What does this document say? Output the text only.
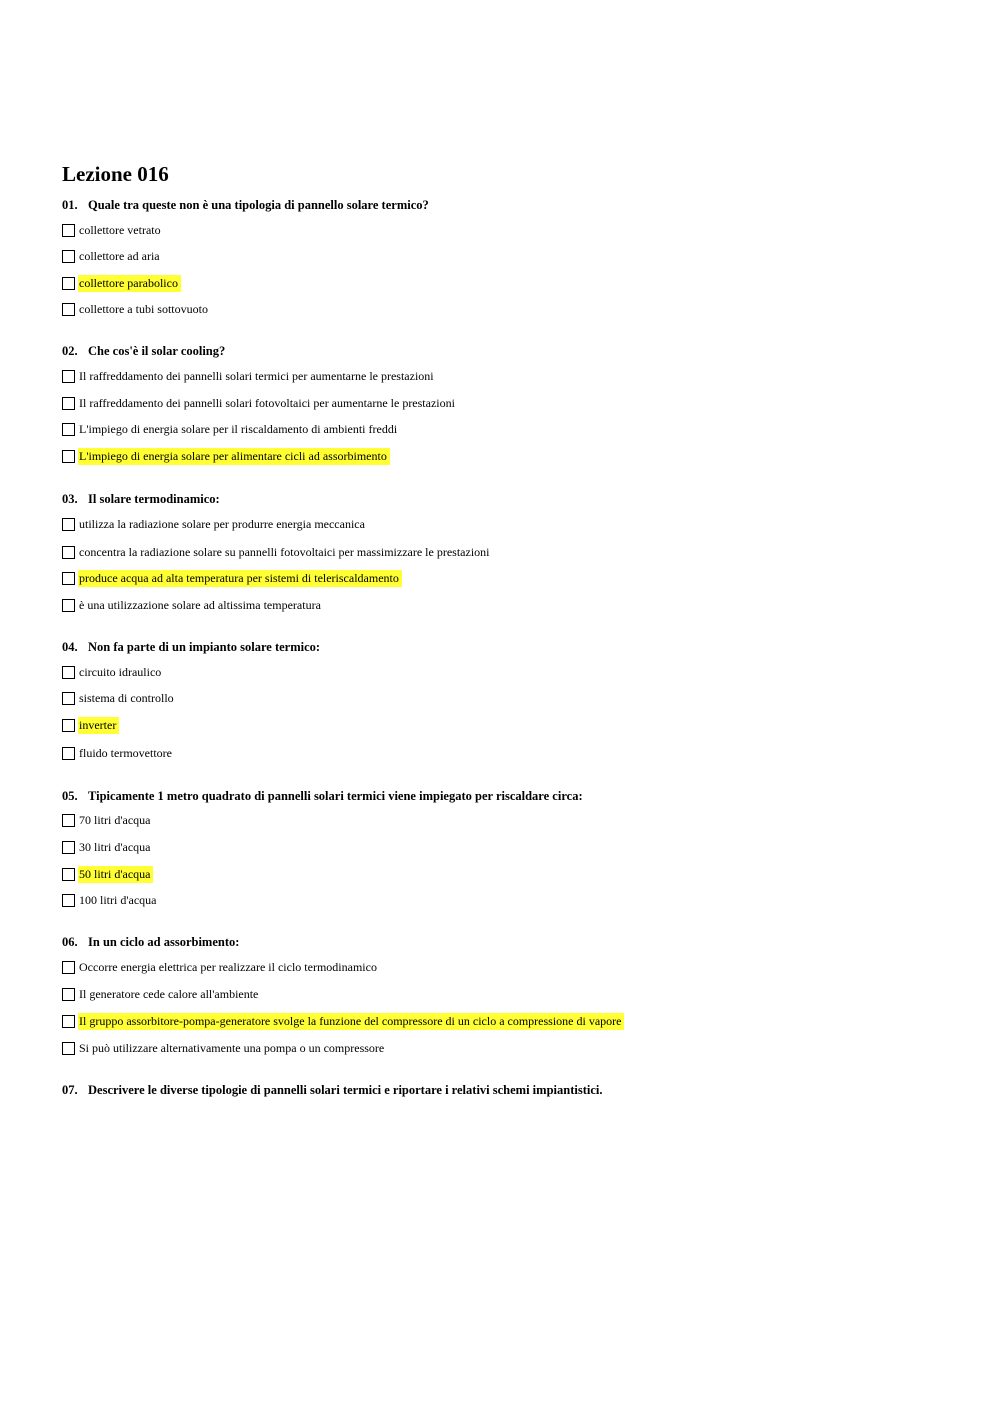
Lezione 016
01. Quale tra queste non è una tipologia di pannello solare termico?
collettore vetrato
collettore ad aria
collettore parabolico
collettore a tubi sottovuoto
02. Che cos'è il solar cooling?
Il raffreddamento dei pannelli solari termici per aumentarne le prestazioni
Il raffreddamento dei pannelli solari fotovoltaici per aumentarne le prestazioni
L'impiego di energia solare per il riscaldamento di ambienti freddi
L'impiego di energia solare per alimentare cicli ad assorbimento
03. Il solare termodinamico:
utilizza la radiazione solare per produrre energia meccanica
concentra la radiazione solare su pannelli fotovoltaici per massimizzare le prestazioni
produce acqua ad alta temperatura per sistemi di teleriscaldamento
è una utilizzazione solare ad altissima temperatura
04. Non fa parte di un impianto solare termico:
circuito idraulico
sistema di controllo
inverter
fluido termovettore
05. Tipicamente 1 metro quadrato di pannelli solari termici viene impiegato per riscaldare circa:
70 litri d'acqua
30 litri d'acqua
50 litri d'acqua
100 litri d'acqua
06. In un ciclo ad assorbimento:
Occorre energia elettrica per realizzare il ciclo termodinamico
Il generatore cede calore all'ambiente
Il gruppo assorbitore-pompa-generatore svolge la funzione del compressore di un ciclo a compressione di vapore
Si può utilizzare alternativamente una pompa o un compressore
07. Descrivere le diverse tipologie di pannelli solari termici e riportare i relativi schemi impiantistici.
